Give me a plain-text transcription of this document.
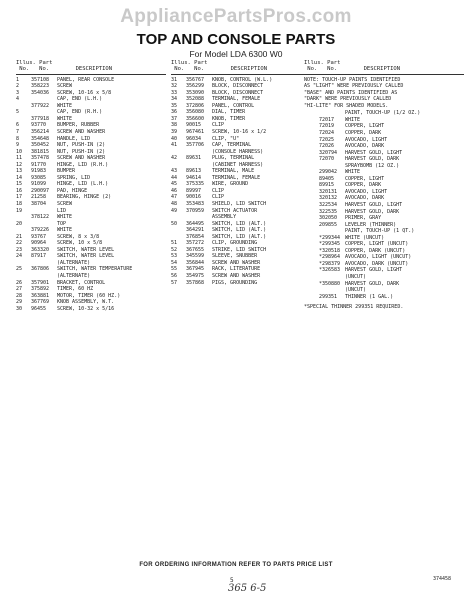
AppliancePartsPros.com
TOP AND CONSOLE PARTS
For Model LDA 6300 W0
Illus. Part
No.   No.        DESCRIPTION
1	357108	PANEL, REAR CONSOLE
2	358223	SCREW
3	354036	SCREW, 10-16 x 5/8
4	CAP, END (L.H.)
377922	WHITE
5	CAP, END (R.H.)
377918	WHITE
6	93770	BUMPER, RUBBER
7	356214	SCREW AND WASHER
8	354648	HANDLE, LID
9	350452	NUT, PUSH-IN (2)
10	381815	NUT, PUSH-IN (2)
11	357478	SCREW AND WASHER
12	91770	HINGE, LID (R.H.)
13	91983	BUMPER
14	93085	SPRING, LID
15	91099	HINGE, LID (L.H.)
16	290097	PAD, HINGE
17	21258	BEARING, HINGE (2)
18	38704	SCREW
19	LID
378122	WHITE
20	TOP
379226	WHITE
21	93767	SCREW, 8 x 3/8
22	90964	SCREW, 10 x 5/8
23	363320	SWITCH, WATER LEVEL
24	87917	SWITCH, WATER LEVEL
(ALTERNATE)
25	367806	SWITCH, WATER TEMPERATURE
(ALTERNATE)
26	357901	BRACKET, CONTROL
27	375892	TIMER, 60 HZ
28	363881	MOTOR, TIMER (60 HZ.)
29	367769	KNOB ASSEMBLY, W.T.
30	96455	SCREW, 10-32 x 5/16
Illus. Part
No.   No.        DESCRIPTION
31	356767	KNOB, CONTROL (W.L.)
32	356299	BLOCK, DISCONNECT
33	353090	BLOCK, DISCONNECT
34	352088	TERMINAL, FEMALE
35	372806	PANEL, CONTROL
36	356080	DIAL, TIMER
37	356600	KNOB, TIMER
38	90015	CLIP
39	967461	SCREW, 10-16 x 1/2
40	96034	CLIP, "U"
41	357706	CAP, TERMINAL
(CONSOLE HARNESS)
42	89631	PLUG, TERMINAL
(CABINET HARNESS)
43	89613	TERMINAL, MALE
44	94614	TERMINAL, FEMALE
45	375335	WIRE, GROUND
46	89997	CLIP
47	90016	CLIP
48	353483	SHIELD, LID SWITCH
49	370959	SWITCH ACTUATOR
ASSEMBLY
50	364495	SWITCH, LID (ALT.)
364291	SWITCH, LID (ALT.)
376854	SWITCH, LID (ALT.)
51	357272	CLIP, GROUNDING
52	367655	STRIKE, LID SWITCH
53	345599	SLEEVE, SNUBBER
54	356844	SCREW AND WASHER
55	367945	RACK, LITERATURE
56	354975	SCREW AND WASHER
57	357868	PIGS, GROUNDING
Illus. Part
No.   No.        DESCRIPTION
NOTE: TOUCH-UP PAINTS IDENTIFIED
AS "LIGHT" WERE PREVIOUSLY CALLED
"BASE" AND PAINTS IDENTIFIED AS
"DARK" WERE PREVIOUSLY CALLED
"HI-LITE" FOR SHADED MODELS.
PAINT, TOUCH-UP (1/2 OZ.)
72017	WHITE
72019	COPPER, LIGHT
72024	COPPER, DARK
72025	AVOCADO, LIGHT
72026	AVOCADO, DARK
320794	HARVEST GOLD, LIGHT
72070	HARVEST GOLD, DARK
SPRAYBOMB (12 OZ.)
299042	WHITE
89405	COPPER, LIGHT
89915	COPPER, DARK
320131	AVOCADO, LIGHT
320132	AVOCADO, DARK
322534	HARVEST GOLD, LIGHT
322535	HARVEST GOLD, DARK
302050	PRIMER, GRAY
209855	LEVELER (THINNER)
PAINT, TOUCH-UP (1 QT.)
*299344 WHITE (UNCUT)
*299345 COPPER, LIGHT (UNCUT)
*320518 COPPER, DARK (UNCUT)
*298964 AVOCADO, LIGHT (UNCUT)
*298379 AVOCADO, DARK (UNCUT)
*326583 HARVEST GOLD, LIGHT
(UNCUT)
*350880 HARVEST GOLD, DARK
(UNCUT)
299351	THINNER (1 GAL.)
*SPECIAL THINNER 299351 REQUIRED.
FOR ORDERING INFORMATION REFER TO PARTS PRICE LIST
5	374458
365 6-5
